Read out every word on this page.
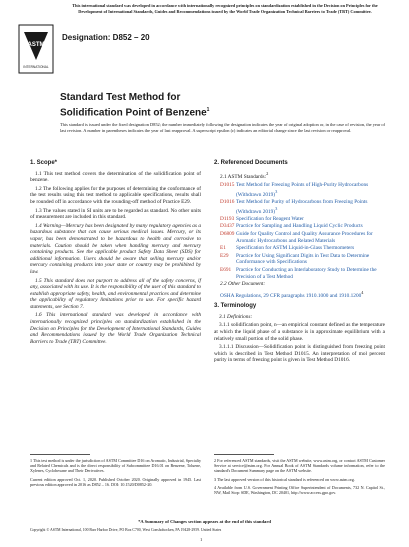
This international standard was developed in accordance with internationally recognized principles on standardization established in the Decision on Principles for the Development of International Standards, Guides and Recommendations issued by the World Trade Organization Technical Barriers to Trade (TBT) Committee.
ASTM
INTERNATIONAL
Designation: D852 – 20
Standard Test Method for
Solidification Point of Benzene$^1$
This standard is issued under the fixed designation D852; the number immediately following the designation indicates the year of original adoption or, in the case of revision, the year of last revision. A number in parentheses indicates the year of last reapproval. A superscript epsilon (ε) indicates an editorial change since the last revision or reapproval.
1. Scope*

1.1 This test method covers the determination of the solidification point of benzene.

1.2 The following applies for the purposes of determining the conformance of the test results using this test method to applicable specifications, results shall be rounded off in accordance with the rounding-off method of Practice E29.

1.3 The values stated in SI units are to be regarded as standard. No other units of measurement are included in this standard.

1.4 Warning—Mercury has been designated by many regulatory agencies as a hazardous substance that can cause serious medical issues. Mercury, or its vapor, has been demonstrated to be hazardous to health and corrosive to materials. Caution should be taken when handling mercury and mercury containing products. See the applicable product Safety Data Sheet (SDS) for additional information. Users should be aware that selling mercury and/or mercury containing products into your state or country may be prohibited by law.

1.5 This standard does not purport to address all of the safety concerns, if any, associated with its use. It is the responsibility of the user of this standard to establish appropriate safety, health, and environmental practices and determine the applicability of regulatory limitations prior to use. For specific hazard statements, see Section 7.

1.6 This international standard was developed in accordance with internationally recognized principles on standardization established in the Decision on Principles for the Development of International Standards, Guides and Recommendations issued by the World Trade Organization Technical Barriers to Trade (TBT) Committee.

2. Referenced Documents

2.1 ASTM Standards:$^2$

D1015 Test Method for Freezing Points of High-Purity Hydrocarbons (Withdrawn 2019)$^3$
D1016 Test Method for Purity of Hydrocarbons from Freezing Points (Withdrawn 2019)$^3$
D1193 Specification for Reagent Water
D3437 Practice for Sampling and Handling Liquid Cyclic Products
D6809 Guide for Quality Control and Quality Assurance Procedures for Aromatic Hydrocarbons and Related Materials
E1	Specification for ASTM Liquid-in-Glass Thermometers
E29	Practice for Using Significant Digits in Test Data to Determine Conformance with Specifications
E691 Practice for Conducting an Interlaboratory Study to Determine the Precision of a Test Method

2.2 Other Document:

OSHA Regulations, 29 CFR paragraphs 1910.1000 and 1910.1200$^4$

3. Terminology

3.1 Definitions:

3.1.1 solidification point, n—an empirical constant defined as the temperature at which the liquid phase of a substance is in approximate equilibrium with a relatively small portion of the solid phase.

3.1.1.1 Discussion—Solidification point is distinguished from freezing point which is described in Test Method D1015. An interpretation of mol percent purity in terms of freezing point is given in Test Method D1016.

1 This test method is under the jurisdiction of ASTM Committee D16 on Aromatic, Industrial, Specialty and Related Chemicals and is the direct responsibility of Subcommittee D16.01 on Benzene, Toluene, Xylenes, Cyclohexane and Their Derivatives.

Current edition approved Oct. 1, 2020. Published October 2020. Originally approved in 1945. Last previous edition approved in 2016 as D852 – 16. DOI: 10.1520/D0852-20.

2 For referenced ASTM standards, visit the ASTM website, www.astm.org, or contact ASTM Customer Service at service@astm.org. For Annual Book of ASTM Standards volume information, refer to the standard's Document Summary page on the ASTM website.

3 The last approved version of this historical standard is referenced on www.astm.org.

4 Available from U.S. Government Printing Office Superintendent of Documents, 732 N. Capitol St., NW, Mail Stop: SDE, Washington, DC 20401, http://www.access.gpo.gov.

*A Summary of Changes section appears at the end of this standard
Copyright © ASTM International, 100 Barr Harbor Drive, PO Box C700, West Conshohocken, PA 19428-2959. United States
1
